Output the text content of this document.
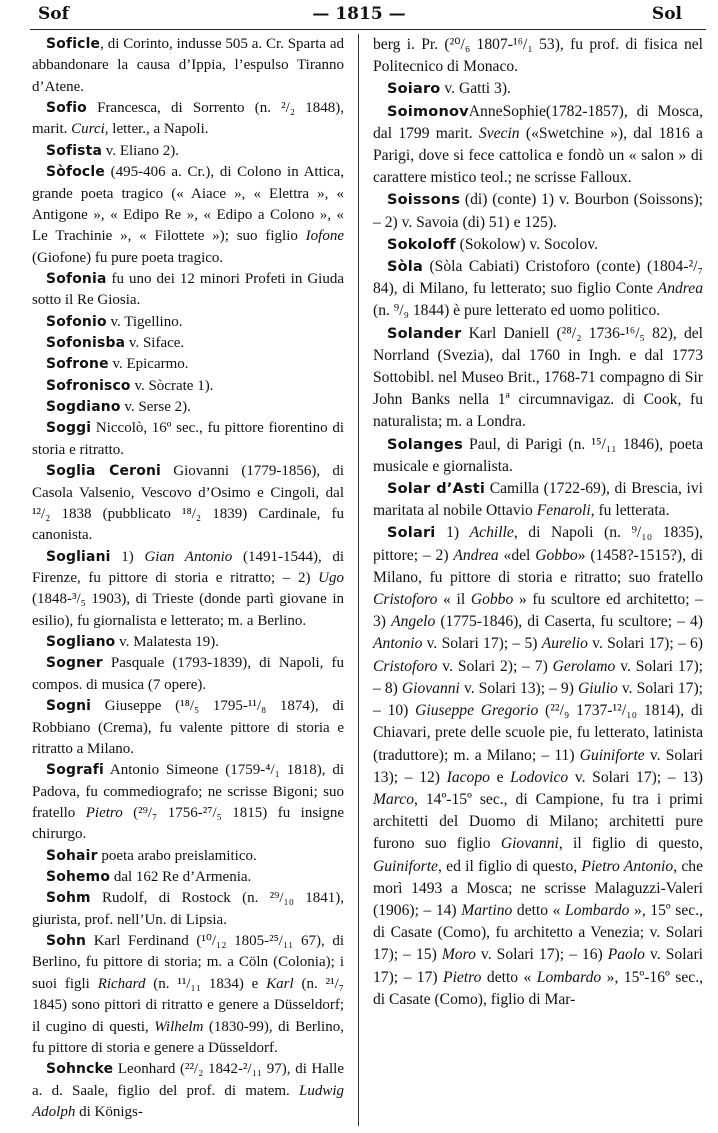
Sof	— 1815 —	Sol

Soficle, di Corinto, indusse 505 a. Cr. Sparta ad abbandonare la causa d’Ippia, l’espulso Tiranno d’Atene.

Sofio Francesca, di Sorrento (n. ²/₂ 1848), marit. Curci, letter., a Napoli.

Sofista v. Eliano 2).

Sòfocle (495-406 a. Cr.), di Colono in Attica, grande poeta tragico (« Aiace », « Elettra », « Antigone », « Edipo Re », « Edipo a Colono », « Le Trachinie », « Filottete »); suo figlio Iofone (Giofone) fu pure poeta tragico.

Sofonia fu uno dei 12 minori Profeti in Giuda sotto il Re Giosia.

Sofonio v. Tigellino.

Sofonisba v. Siface.

Sofrone v. Epicarmo.

Sofronisco v. Sòcrate 1).

Sogdiano v. Serse 2).

Soggi Niccolò, 16º sec., fu pittore fiorentino di storia e ritratto.

Soglia Ceroni Giovanni (1779-1856), di Casola Valsenio, Vescovo d’Osimo e Cingoli, dal ¹²/₂ 1838 (pubblicato ¹⁸/₂ 1839) Cardinale, fu canonista.

Sogliani 1) Gian Antonio (1491-1544), di Firenze, fu pittore di storia e ritratto; – 2) Ugo (1848-³/₅ 1903), di Trieste (donde partì giovane in esilio), fu giornalista e letterato; m. a Berlino.

Sogliano v. Malatesta 19).

Sogner Pasquale (1793-1839), di Napoli, fu compos. di musica (7 opere).

Sogni Giuseppe (¹⁸/₅ 1795-¹¹/₈ 1874), di Robbiano (Crema), fu valente pittore di storia e ritratto a Milano.

Sografi Antonio Simeone (1759-⁴/₁ 1818), di Padova, fu commediografo; ne scrisse Bigoni; suo fratello Pietro (²⁹/₇ 1756-²⁷/₅ 1815) fu insigne chirurgo.

Sohair poeta arabo preislamitico.

Sohemo dal 162 Re d’Armenia.

Sohm Rudolf, di Rostock (n. ²⁹/₁₀ 1841), giurista, prof. nell’Un. di Lipsia.

Sohn Karl Ferdinand (¹⁰/₁₂ 1805-²⁵/₁₁ 67), di Berlino, fu pittore di storia; m. a Cöln (Colonia); i suoi figli Richard (n. ¹¹/₁₁ 1834) e Karl (n. ²¹/₇ 1845) sono pittori di ritratto e genere a Düsseldorf; il cugino di questi, Wilhelm (1830-99), di Berlino, fu pittore di storia e genere a Düsseldorf.

Sohncke Leonhard (²²/₂ 1842-²/₁₁ 97), di Halle a. d. Saale, figlio del prof. di matem. Ludwig Adolph di Königs-

berg i. Pr. (²⁰/₆ 1807-¹⁶/₁ 53), fu prof. di fisica nel Politecnico di Monaco.

Soiaro v. Gatti 3).

SoimonovAnneSophie(1782-1857), di Mosca, dal 1799 marit. Svecin («Swetchine »), dal 1816 a Parigi, dove si fece cattolica e fondò un « salon » di carattere mistico teol.; ne scrisse Falloux.

Soissons (di) (conte) 1) v. Bourbon (Soissons); – 2) v. Savoia (di) 51) e 125).

Sokoloff (Sokolow) v. Socolov.

Sòla (Sòla Cabiati) Cristoforo (conte) (1804-²/₇ 84), di Milano, fu letterato; suo figlio Conte Andrea (n. ⁹/₉ 1844) è pure letterato ed uomo politico.

Solander Karl Daniell (²⁸/₂ 1736-¹⁶/₅ 82), del Norrland (Svezia), dal 1760 in Ingh. e dal 1773 Sottobibl. nel Museo Brit., 1768-71 compagno di Sir John Banks nella 1ª circumnavigaz. di Cook, fu naturalista; m. a Londra.

Solanges Paul, di Parigi (n. ¹⁵/₁₁ 1846), poeta musicale e giornalista.

Solar d’Asti Camilla (1722-69), di Brescia, ivi maritata al nobile Ottavio Fenaroli, fu letterata.

Solari 1) Achille, di Napoli (n. ⁹/₁₀ 1835), pittore; – 2) Andrea «del Gobbo» (1458?-1515?), di Milano, fu pittore di storia e ritratto; suo fratello Cristoforo « il Gobbo » fu scultore ed architetto; – 3) Angelo (1775-1846), di Caserta, fu scultore; – 4) Antonio v. Solari 17); – 5) Aurelio v. Solari 17); – 6) Cristoforo v. Solari 2); – 7) Gerolamo v. Solari 17); – 8) Giovanni v. Solari 13); – 9) Giulio v. Solari 17); – 10) Giuseppe Gregorio (²²/₉ 1737-¹²/₁₀ 1814), di Chiavari, prete delle scuole pie, fu letterato, latinista (traduttore); m. a Milano; – 11) Guiniforte v. Solari 13); – 12) Iacopo e Lodovico v. Solari 17); – 13) Marco, 14º-15º sec., di Campione, fu tra i primi architetti del Duomo di Milano; architetti pure furono suo figlio Giovanni, il figlio di questo, Guiniforte, ed il figlio di questo, Pietro Antonio, che morì 1493 a Mosca; ne scrisse Malaguzzi-Valeri (1906); – 14) Martino detto « Lombardo », 15º sec., di Casate (Como), fu architetto a Venezia; v. Solari 17); – 15) Moro v. Solari 17); – 16) Paolo v. Solari 17); – 17) Pietro detto « Lombardo », 15º-16º sec., di Casate (Como), figlio di Mar-
